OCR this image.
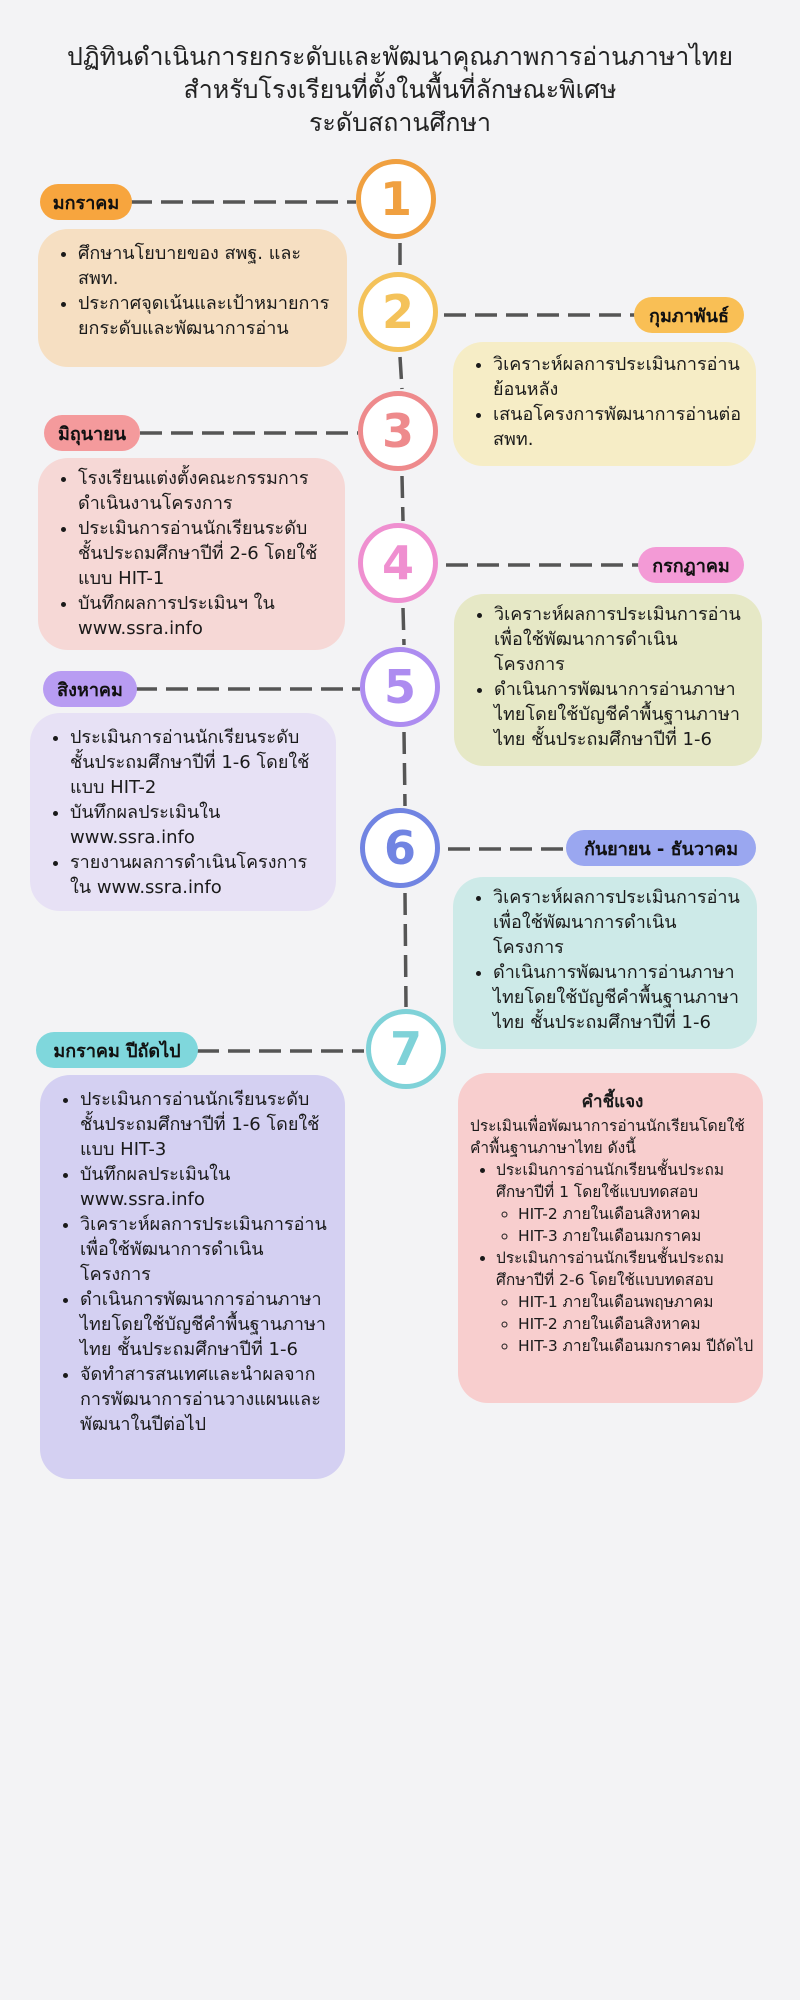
ปฏิทินดำเนินการยกระดับและพัฒนาคุณภาพการอ่านภาษาไทย
สำหรับโรงเรียนที่ตั้งในพื้นที่ลักษณะพิเศษ
ระดับสถานศึกษา
1
มกราคม
• ศึกษานโยบายของ สพฐ. และ สพท.
• ประกาศจุดเน้นและเป้าหมายการยกระดับและพัฒนาการอ่าน	2	กุมภาพันธ์
• วิเคราะห์ผลการประเมินการอ่านย้อนหลัง
• เสนอโครงการพัฒนาการอ่านต่อ สพท.
3
มิถุนายน
• โรงเรียนแต่งตั้งคณะกรรมการดำเนินงานโครงการ
• ประเมินการอ่านนักเรียนระดับชั้นประถมศึกษาปีที่ 2-6 โดยใช้แบบ HIT-1
• บันทึกผลการประเมินฯ ใน www.ssra.info
4	กรกฎาคม
• วิเคราะห์ผลการประเมินการอ่านเพื่อใช้พัฒนาการดำเนินโครงการ
• ดำเนินการพัฒนาการอ่านภาษาไทยโดยใช้บัญชีคำพื้นฐานภาษาไทย ชั้นประถมศึกษาปีที่ 1-6
5
สิงหาคม
• ประเมินการอ่านนักเรียนระดับชั้นประถมศึกษาปีที่ 1-6 โดยใช้แบบ HIT-2
• บันทึกผลประเมินใน www.ssra.info
• รายงานผลการดำเนินโครงการใน www.ssra.info
6	กันยายน - ธันวาคม
• วิเคราะห์ผลการประเมินการอ่านเพื่อใช้พัฒนาการดำเนินโครงการ
• ดำเนินการพัฒนาการอ่านภาษาไทยโดยใช้บัญชีคำพื้นฐานภาษาไทย ชั้นประถมศึกษาปีที่ 1-6
7
มกราคม ปีถัดไป
• ประเมินการอ่านนักเรียนระดับชั้นประถมศึกษาปีที่ 1-6 โดยใช้แบบ HIT-3
• บันทึกผลประเมินใน www.ssra.info
• วิเคราะห์ผลการประเมินการอ่านเพื่อใช้พัฒนาการดำเนินโครงการ
• ดำเนินการพัฒนาการอ่านภาษาไทยโดยใช้บัญชีคำพื้นฐานภาษาไทย ชั้นประถมศึกษาปีที่ 1-6
• จัดทำสารสนเทศและนำผลจากการพัฒนาการอ่านวางแผนและพัฒนาในปีต่อไป
คำชี้แจง
ประเมินเพื่อพัฒนาการอ่านนักเรียนโดยใช้คำพื้นฐานภาษาไทย ดังนี้
• ประเมินการอ่านนักเรียนชั้นประถมศึกษาปีที่ 1 โดยใช้แบบทดสอบ
◦ HIT-2 ภายในเดือนสิงหาคม
◦ HIT-3 ภายในเดือนมกราคม
• ประเมินการอ่านนักเรียนชั้นประถมศึกษาปีที่ 2-6 โดยใช้แบบทดสอบ
◦ HIT-1 ภายในเดือนพฤษภาคม
◦ HIT-2 ภายในเดือนสิงหาคม
◦ HIT-3 ภายในเดือนมกราคม ปีถัดไป
